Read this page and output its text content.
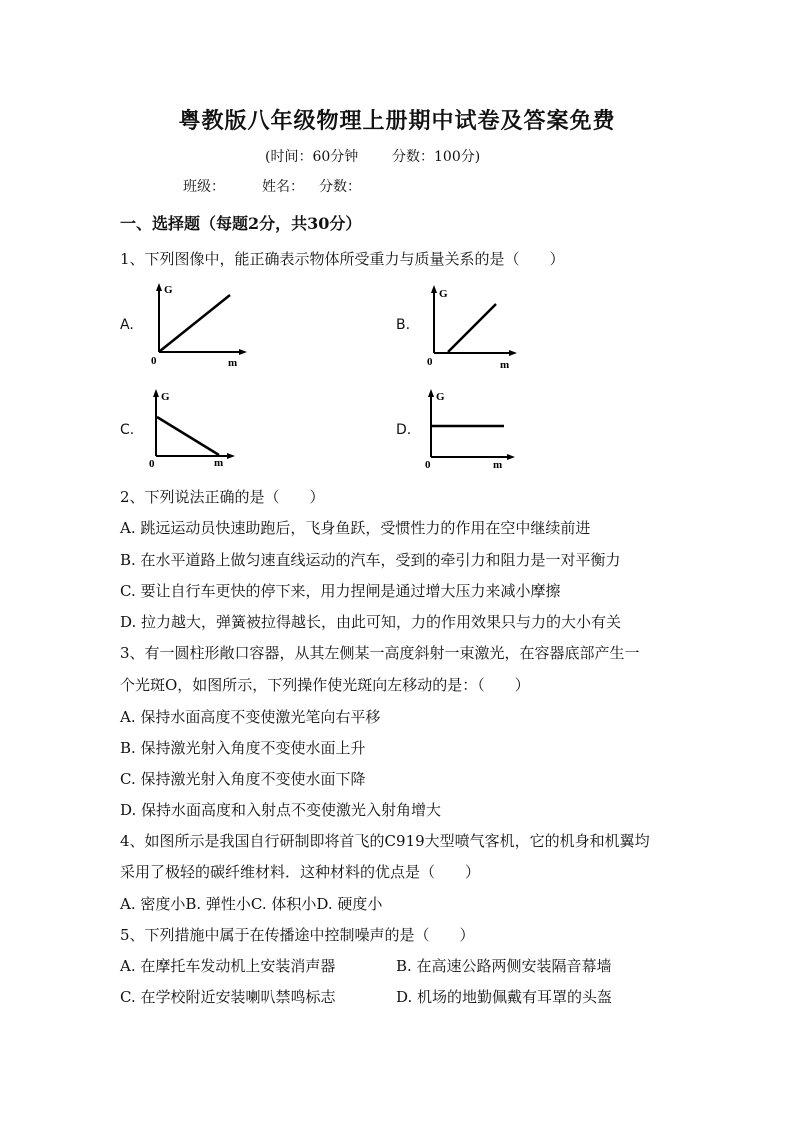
粤教版八年级物理上册期中试卷及答案免费
(时间：60分钟 分数：100分)
班级：	姓名： 分数：
一、选择题（每题2分，共30分）
1、下列图像中，能正确表示物体所受重力与质量关系的是（　　）
A.
G
0	m
B.
G
0	m
C.
G
0	m
D.
G
0	m
2、下列说法正确的是（　　）
A. 跳远运动员快速助跑后，飞身鱼跃，受惯性力的作用在空中继续前进
B. 在水平道路上做匀速直线运动的汽车，受到的牵引力和阻力是一对平衡力
C. 要让自行车更快的停下来，用力捏闸是通过增大压力来减小摩擦
D. 拉力越大，弹簧被拉得越长，由此可知，力的作用效果只与力的大小有关
3、有一圆柱形敞口容器，从其左侧某一高度斜射一束激光，在容器底部产生一
个光斑O，如图所示，下列操作使光斑向左移动的是：（　　）
A. 保持水面高度不变使激光笔向右平移
B. 保持激光射入角度不变使水面上升
C. 保持激光射入角度不变使水面下降
D. 保持水面高度和入射点不变使激光入射角增大
4、如图所示是我国自行研制即将首飞的C919大型喷气客机，它的机身和机翼均
采用了极轻的碳纤维材料．这种材料的优点是（　　）
A. 密度小B. 弹性小C. 体积小D. 硬度小
5、下列措施中属于在传播途中控制噪声的是（　　）
A. 在摩托车发动机上安装消声器	B. 在高速公路两侧安装隔音幕墙
C. 在学校附近安装喇叭禁鸣标志	D. 机场的地勤佩戴有耳罩的头盔
